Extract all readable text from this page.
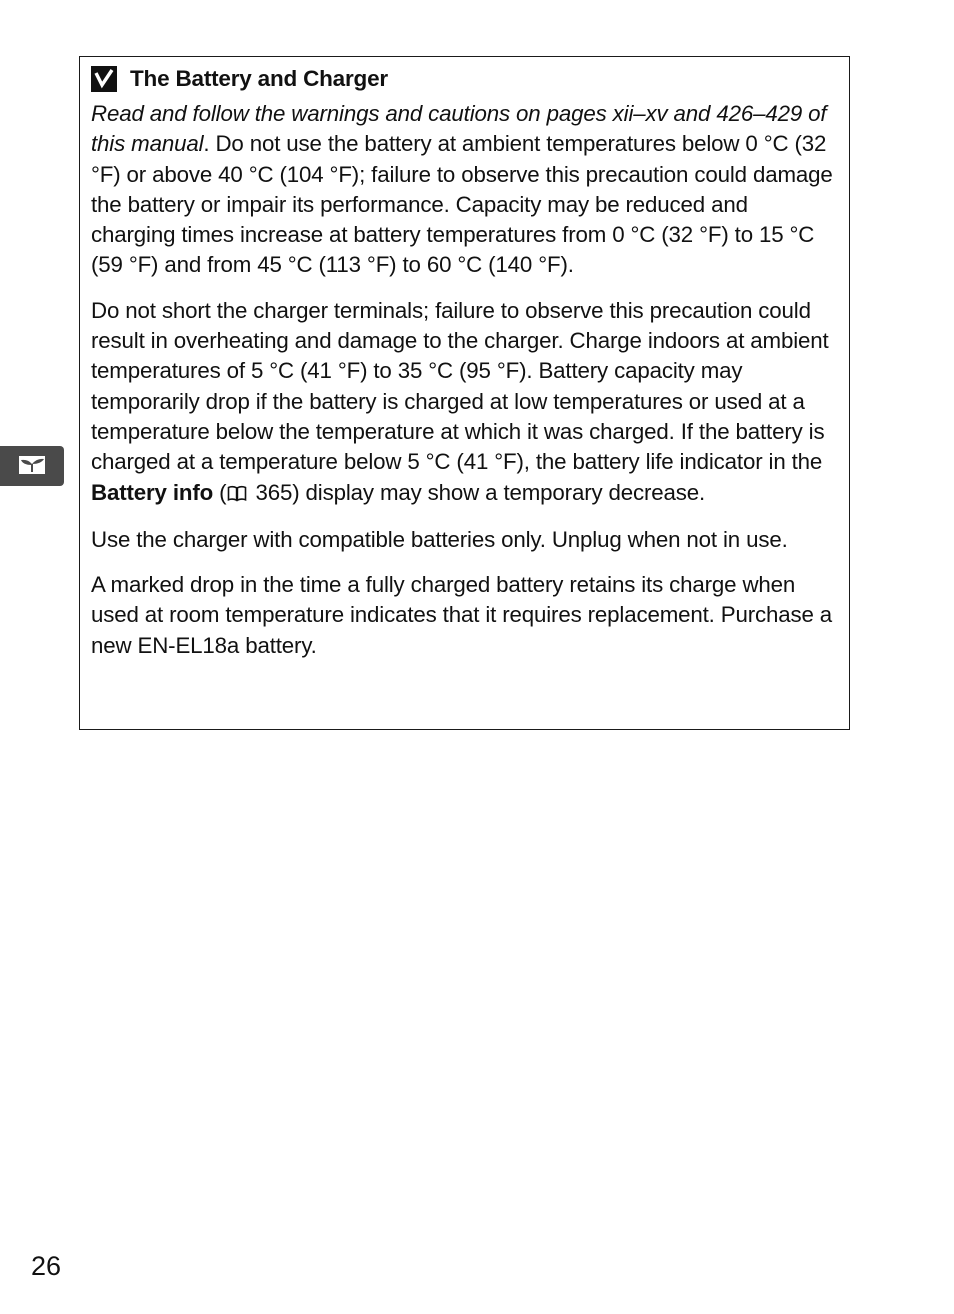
The Battery and Charger

Read and follow the warnings and cautions on pages xii–xv and 426–429 of this manual. Do not use the battery at ambient temperatures below 0 °C (32 °F) or above 40 °C (104 °F); failure to observe this precaution could damage the battery or impair its performance. Capacity may be reduced and charging times increase at battery temperatures from 0 °C (32 °F) to 15 °C (59 °F) and from 45 °C (113 °F) to 60 °C (140 °F).

Do not short the charger terminals; failure to observe this precaution could result in overheating and damage to the charger. Charge indoors at ambient temperatures of 5 °C (41 °F) to 35 °C (95 °F). Battery capacity may temporarily drop if the battery is charged at low temperatures or used at a temperature below the temperature at which it was charged. If the battery is charged at a temperature below 5 °C (41 °F), the battery life indicator in the Battery info ( 365) display may show a temporary decrease.

Use the charger with compatible batteries only. Unplug when not in use.

A marked drop in the time a fully charged battery retains its charge when used at room temperature indicates that it requires replacement. Purchase a new EN-EL18a battery.

26
